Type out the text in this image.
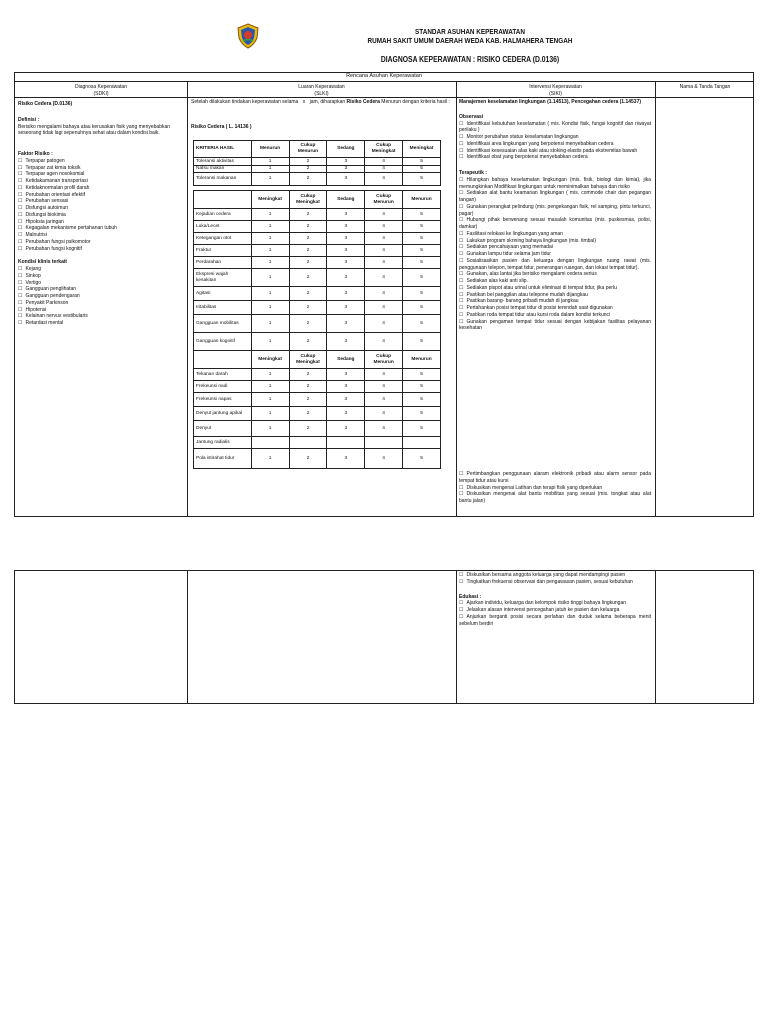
STANDAR ASUHAN KEPERAWATAN
RUMAH SAKIT UMUM DAERAH WEDA KAB. HALMAHERA TENGAH
DIAGNOSA KEPERAWATAN : RISIKO CEDERA (D.0136)
Rencana Asuhan Keperawatan
Diagnosa Keperawatan
(SDKI)
Luaran Keperawatan
(SLKI)
Intervensi Keperawatan
(SIKI)
Nama & Tanda Tangan
Risiko Cedera (D.0136)
Definisi :
Berisiko mengalami bahaya atau kerusakan fisik yang menyebabkan seseorang tidak lagi sepenuhnya sehat atau dalam kondisi baik.
Faktor Risiko :
☐ Terpapar patogen
☐ Terpapar zat kimia toksik
☐ Terpapar agen nosokomial
☐ Ketidakamanan transportasi
☐ Ketidaknormalan profil darah
☐ Perubahan orientasi efektif
☐ Perubahan sensasi
☐ Disfungsi autoimun
☐ Disfungsi biokimia
☐ Hipoksia jaringan
☐ Kegagalan mekanisme pertahanan tubuh
☐ Malnutrisi
☐ Perubahan fungsi psikomotor
☐ Perubahan fungsi kognitif
Kondisi klinis terkait
☐ Kejang
☐ Sinkop
☐ Vertigo
☐ Gangguan penglihatan
☐ Gangguan pendengaran
☐ Penyakit Parkinson
☐ Hipotensi
☐ Kelainan nervus vestibularis
☐ Retardasi mental
Setelah dilakukan tindakan keperawatan selama x jam, diharapkan Risiko Cedera Menurun dengan kriteria hasil :
Risiko Cedera ( L. 14136 )
Manajemen keselamatan lingkungan (1.14513), Pencegahan cedera (1.14537)
Observasi
☐ Identifikasi kebutuhan keselamatan ( mis. Kondisi fisik, fungsi kognitif dan riwayat perilaku )
☐ Monitor perubahan status keselamatan lingkungan
☐ Identifikasi area lingkungan yang berpotensi menyebabkan cedera
☐ Identifikasi kesesuaian alas kaki atau stoking elastis pada ekstremitas bawah
☐ Identifikasi obat yang berpotensi menyebabkan cedera
Terapeutik :
☐ Hilangkan bahaya keselamatan lingkungan (mis. fisik, biologi dan kimia), jika memungkinkan Modifikasi lingkungan untuk meminimalkan bahaya dan risiko
☐ Sediakan alat bantu keamanan lingkungan ( mis. commode chair dan pegangan tangan)
☐ Gunakan perangkat pelindung (mis. pengekangan fisik, rel samping, pintu terkunci, pagar)
☐ Hubungi pihak berwenang sesuai masalah komunitas (mis. puskesmas, polisi, damkar)
☐ Fasilitasi relokasi ke lingkungan yang aman
☐ Lakukan program skrining bahaya lingkungan (mis. timbal)
☐ Sediakan pencahayaan yang memadai
☐ Gunakan lampu tidur selama jam tidur
☐ Sosialisasikan pasien dan keluarga dengan lingkungan ruang rawat (mis. penggunaan telepon, tempat tidur, penerangan ruangan, dan lokasi tempat tidur).
☐ Gunakan, alas lantai jika berisiko mengalami cedera serius
☐ Sediakan alas kaki anti slip.
☐ Sediakan pispot atau urinal untuk eliminasi di tempat tidur, jika perlu
☐ Pastikan bel panggilan atau telepone mudah dijangkau
☐ Pastikan barang- barang pribadi mudah di jangkau
☐ Pertahankan posisi tempat tidur di posisi terendah saat digunakan
☐ Pastikan roda tempat tidur atau kursi roda dalam kondisi terkunci
☐ Gunakan pengaman tempat tidur sesuai dengan kebijakan fasilitas pelayanan kesehatan
☐ Pertimbangkan penggunaan alaram elektronik pribadi atau alarm sensor pada tempat tidur atau kursi
☐ Diskusikan mengenai Latihan dan terapi fisik yang diperlukan
☐ Diskusikan mengenai alat bantu mobilitas yang sesuai (mis. tongkat atau alat bantu jalan)
KRITERIA HASIL	Menurun	Cukup Menurun	Sedang	Cukup Meningkat	Meningkat
Toleransi aktivitas	1	2	3	4	5
Nafsu makan	1	2	3	4	5
Toleransi makanan	1	2	3	4	5

	Meningkat	Cukup Meningkat	Sedang	Cukup Menurun	Menurun
Kejadian cedera	1	2	3	4	5
Luka/Lecet	1	2	3	4	5
Ketegangan otot	1	2	3	4	5
Fraktur	1	2	3	4	5
Perdarahan	1	2	3	4	5
Ekspresi wajah kesakitan	1	2	3	4	5
Agitasi	1	2	3	4	5
Iritabilitas	1	2	3	4	5
Gangguan mobilitas	1	2	3	4	5
Gangguan kognitif	1	2	3	4	5
	Meningkat	Cukup Meningkat	Sedang	Cukup Menurun	Menurun
Tekanan darah	1	2	3	4	5
Frekeunsi nadi	1	2	3	4	5
Frekeunsi napas	1	2	3	4	5
Denyut jantung apikal	1	2	3	4	5
Denyut	1	2	3	4	5
Jantung radialis					
Pola istirahat tidur	1	2	3	4	5
☐ Diskusikan bersama anggota keluarga yang dapat mendampingi pasien
☐ Tingkatkan frekuensi observasi dan pengawasan pasien, sesuai kebutuhan
Edukasi :
☐ Ajarkan individu, keluarga dan kelompok risiko tinggi bahaya lingkungan
☐ Jelaskan alasan intervensi pencegahan jatuh ke pasien dan keluarga
☐ Anjurkan berganti posisi secara perlahan dan duduk selama beberapa menit sebelum berdiri
